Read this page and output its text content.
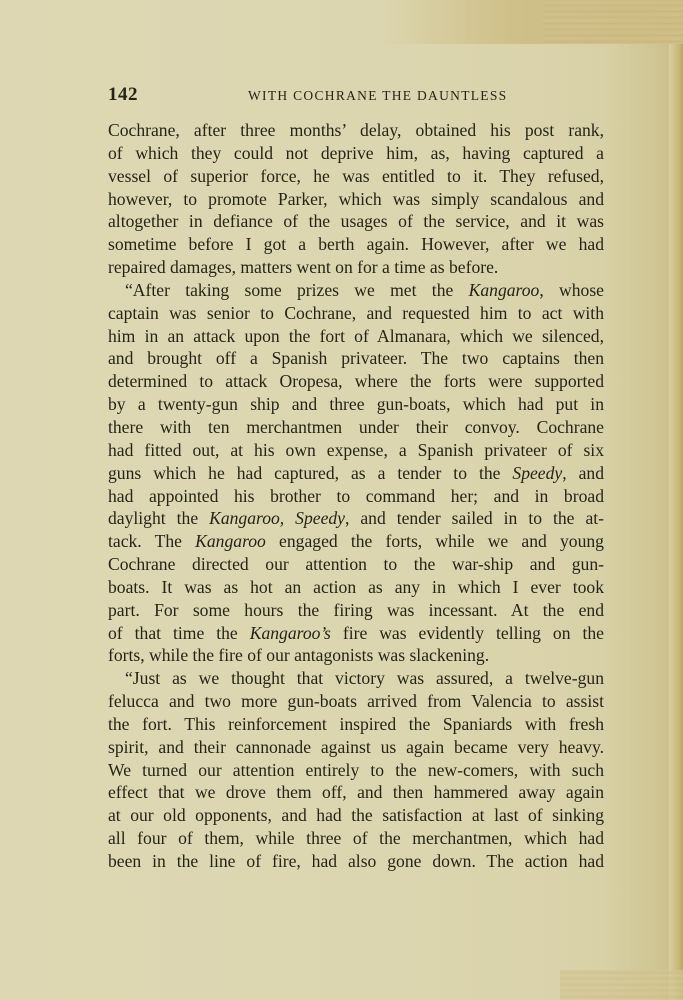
142	WITH COCHRANE THE DAUNTLESS
Cochrane, after three months’ delay, obtained his post rank,
of which they could not deprive him, as, having captured a
vessel of superior force, he was entitled to it. They refused,
however, to promote Parker, which was simply scandalous and
altogether in defiance of the usages of the service, and it was
sometime before I got a berth again. However, after we had
repaired damages, matters went on for a time as before.
“After taking some prizes we met the Kangaroo, whose
captain was senior to Cochrane, and requested him to act with
him in an attack upon the fort of Almanara, which we silenced,
and brought off a Spanish privateer. The two captains then
determined to attack Oropesa, where the forts were supported
by a twenty-gun ship and three gun-boats, which had put in
there with ten merchantmen under their convoy. Cochrane
had fitted out, at his own expense, a Spanish privateer of six
guns which he had captured, as a tender to the Speedy, and
had appointed his brother to command her; and in broad
daylight the Kangaroo, Speedy, and tender sailed in to the at-
tack. The Kangaroo engaged the forts, while we and young
Cochrane directed our attention to the war-ship and gun-
boats. It was as hot an action as any in which I ever took
part. For some hours the firing was incessant. At the end
of that time the Kangaroo’s fire was evidently telling on the
forts, while the fire of our antagonists was slackening.
“Just as we thought that victory was assured, a twelve-gun
felucca and two more gun-boats arrived from Valencia to assist
the fort. This reinforcement inspired the Spaniards with fresh
spirit, and their cannonade against us again became very heavy.
We turned our attention entirely to the new-comers, with such
effect that we drove them off, and then hammered away again
at our old opponents, and had the satisfaction at last of sinking
all four of them, while three of the merchantmen, which had
been in the line of fire, had also gone down. The action had
